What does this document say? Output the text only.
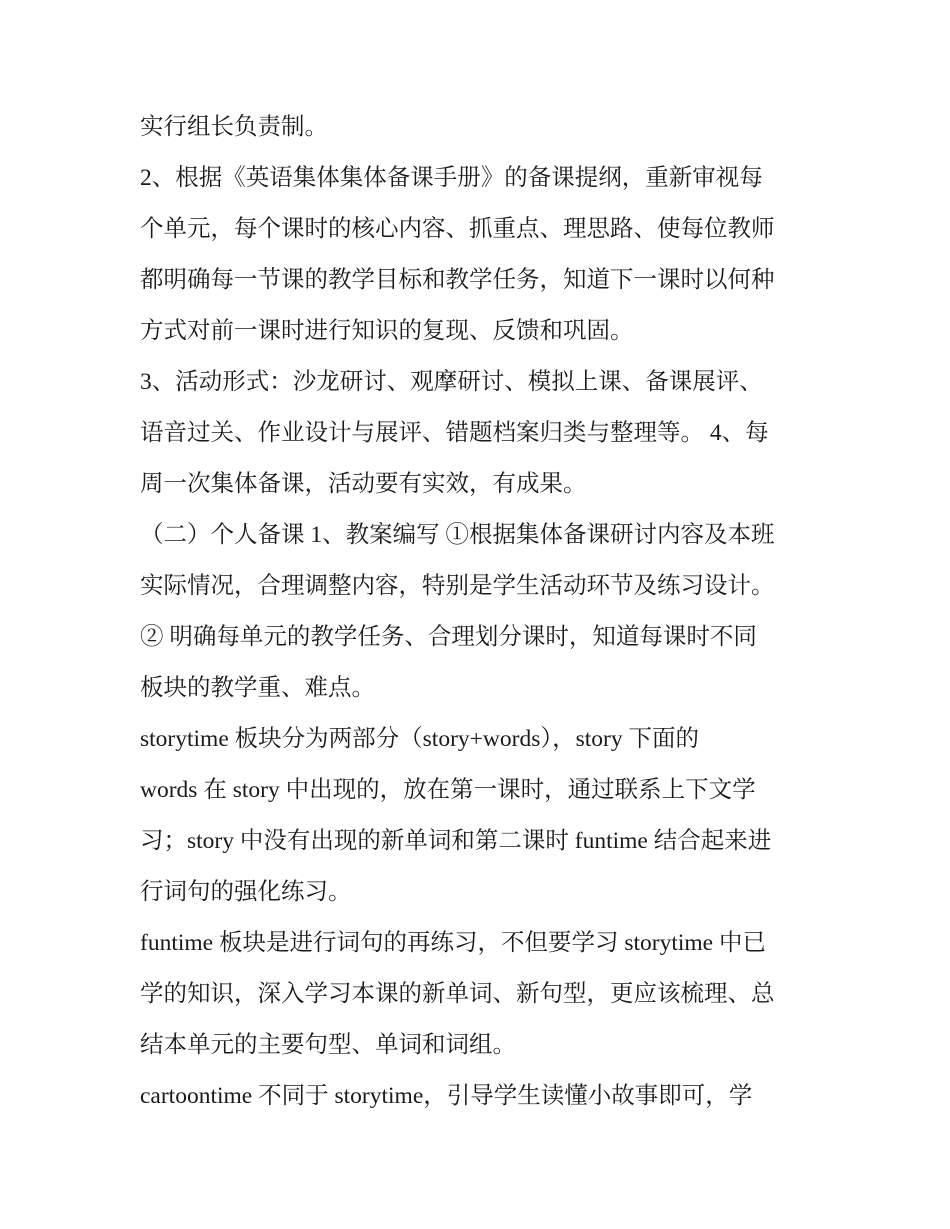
实行组长负责制。
2、根据《英语集体集体备课手册》的备课提纲，重新审视每
个单元，每个课时的核心内容、抓重点、理思路、使每位教师
都明确每一节课的教学目标和教学任务，知道下一课时以何种
方式对前一课时进行知识的复现、反馈和巩固。
3、活动形式：沙龙研讨、观摩研讨、模拟上课、备课展评、
语音过关、作业设计与展评、错题档案归类与整理等。 4、每
周一次集体备课，活动要有实效，有成果。
（二）个人备课 1、教案编写 ①根据集体备课研讨内容及本班
实际情况，合理调整内容，特别是学生活动环节及练习设计。
② 明确每单元的教学任务、合理划分课时，知道每课时不同
板块的教学重、难点。
storytime 板块分为两部分（story+words），story 下面的
words 在 story 中出现的，放在第一课时，通过联系上下文学
习；story 中没有出现的新单词和第二课时 funtime 结合起来进
行词句的强化练习。
funtime 板块是进行词句的再练习，不但要学习 storytime 中已
学的知识，深入学习本课的新单词、新句型，更应该梳理、总
结本单元的主要句型、单词和词组。
cartoontime 不同于 storytime，引导学生读懂小故事即可，学
